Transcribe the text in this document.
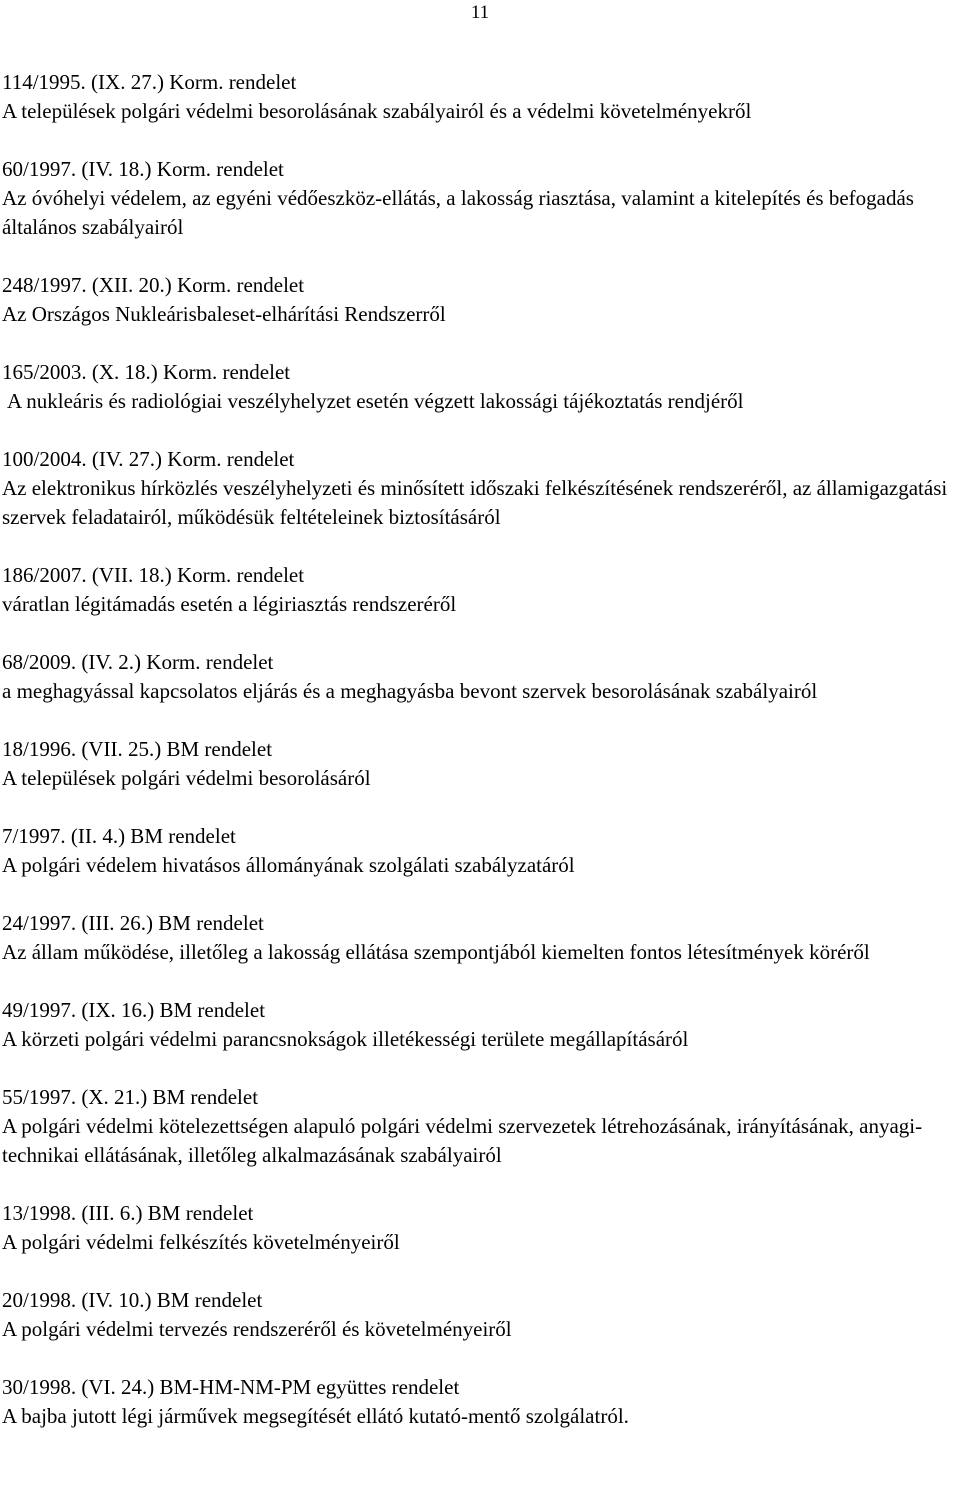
11
114/1995. (IX. 27.) Korm. rendelet
A települések polgári védelmi besorolásának szabályairól és a védelmi követelményekről
60/1997. (IV. 18.) Korm. rendelet
Az óvóhelyi védelem, az egyéni védőeszköz-ellátás, a lakosság riasztása, valamint a kitelepítés és befogadás általános szabályairól
248/1997. (XII. 20.) Korm. rendelet
Az Országos Nukleárisbaleset-elhárítási Rendszerről
165/2003. (X. 18.) Korm. rendelet
A nukleáris és radiológiai veszélyhelyzet esetén végzett lakossági tájékoztatás rendjéről
100/2004. (IV. 27.) Korm. rendelet
Az elektronikus hírközlés veszélyhelyzeti és minősített időszaki felkészítésének rendszeréről, az államigazgatási szervek feladatairól, működésük feltételeinek biztosításáról
186/2007. (VII. 18.) Korm. rendelet
váratlan légitámadás esetén a légiriasztás rendszeréről
68/2009. (IV. 2.) Korm. rendelet
a meghagyással kapcsolatos eljárás és a meghagyásba bevont szervek besorolásának szabályairól
18/1996. (VII. 25.) BM rendelet
A települések polgári védelmi besorolásáról
7/1997. (II. 4.) BM rendelet
A polgári védelem hivatásos állományának szolgálati szabályzatáról
24/1997. (III. 26.) BM rendelet
Az állam működése, illetőleg a lakosság ellátása szempontjából kiemelten fontos létesítmények köréről
49/1997. (IX. 16.) BM rendelet
A körzeti polgári védelmi parancsnokságok illetékességi területe megállapításáról
55/1997. (X. 21.) BM rendelet
A polgári védelmi kötelezettségen alapuló polgári védelmi szervezetek létrehozásának, irányításának, anyagi-technikai ellátásának, illetőleg alkalmazásának szabályairól
13/1998. (III. 6.) BM rendelet
A polgári védelmi felkészítés követelményeiről
20/1998. (IV. 10.) BM rendelet
A polgári védelmi tervezés rendszeréről és követelményeiről
30/1998. (VI. 24.) BM-HM-NM-PM együttes rendelet
A bajba jutott légi járművek megsegítését ellátó kutató-mentő szolgálatról.
